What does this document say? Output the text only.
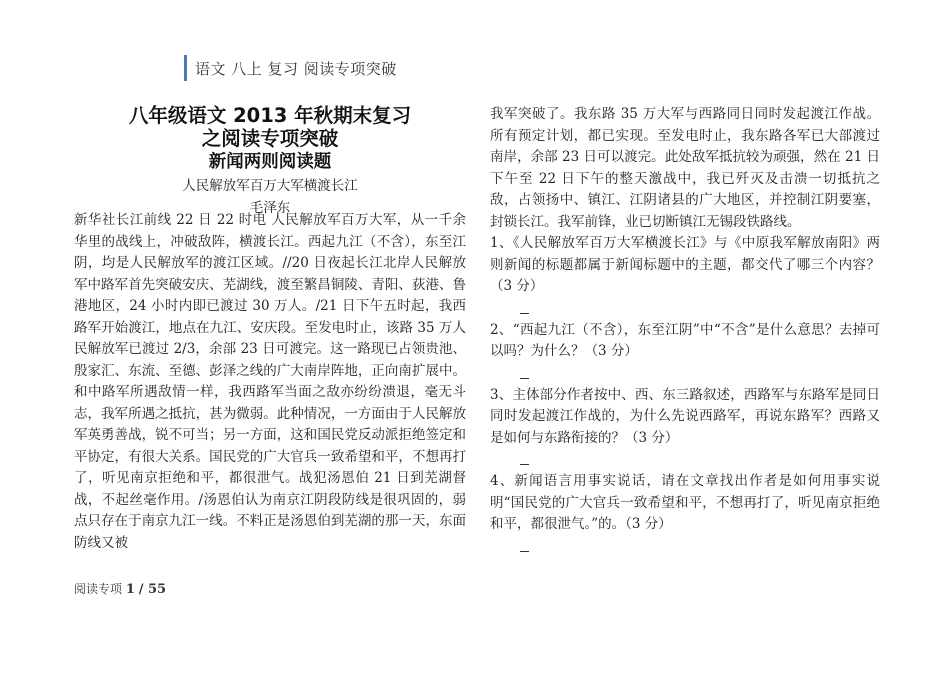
语文 八上 复习 阅读专项突破
八年级语文 2013 年秋期末复习
之阅读专项突破
新闻两则阅读题
人民解放军百万大军横渡长江
毛泽东

新华社长江前线 22 日 22 时电 人民解放军百万大军，从一千余华里的战线上，冲破敌阵，横渡长江。西起九江（不含），东至江阴，均是人民解放军的渡江区域。//20 日夜起长江北岸人民解放军中路军首先突破安庆、芜湖线，渡至繁昌铜陵、青阳、荻港、鲁港地区，24 小时内即已渡过 30 万人。/21 日下午五时起，我西路军开始渡江，地点在九江、安庆段。至发电时止，该路 35 万人民解放军已渡过 2/3，余部 23 日可渡完。这一路现已占领贵池、殷家汇、东流、至德、彭泽之线的广大南岸阵地，正向南扩展中。和中路军所遇敌情一样，我西路军当面之敌亦纷纷溃退，毫无斗志，我军所遇之抵抗，甚为微弱。此种情况，一方面由于人民解放军英勇善战，锐不可当；另一方面，这和国民党反动派拒绝签定和平协定，有很大关系。国民党的广大官兵一致希望和平，不想再打了，听见南京拒绝和平，都很泄气。战犯汤恩伯 21 日到芜湖督战，不起丝毫作用。/汤恩伯认为南京江阴段防线是很巩固的，弱点只存在于南京九江一线。不料正是汤恩伯到芜湖的那一天，东面防线又被

我军突破了。我东路 35 万大军与西路同日同时发起渡江作战。所有预定计划，都已实现。至发电时止，我东路各军已大部渡过南岸，余部 23 日可以渡完。此处敌军抵抗较为顽强，然在 21 日下午至 22 日下午的整天激战中，我已歼灭及击溃一切抵抗之敌，占领扬中、镇江、江阴诸县的广大地区，并控制江阴要塞，封锁长江。我军前锋，业已切断镇江无锡段铁路线。

1、《人民解放军百万大军横渡长江》与《中原我军解放南阳》两则新闻的标题都属于新闻标题中的主题，都交代了哪三个内容？（3 分）

2、“西起九江（不含），东至江阴”中“不含”是什么意思？去掉可以吗？为什么？（3 分）

3、主体部分作者按中、西、东三路叙述，西路军与东路军是同日同时发起渡江作战的，为什么先说西路军，再说东路军？西路又是如何与东路衔接的？（3 分）

4、新闻语言用事实说话，请在文章找出作者是如何用事实说明“国民党的广大官兵一致希望和平，不想再打了，听见南京拒绝和平，都很泄气。”的。（3 分）

阅读专项 1 / 55
